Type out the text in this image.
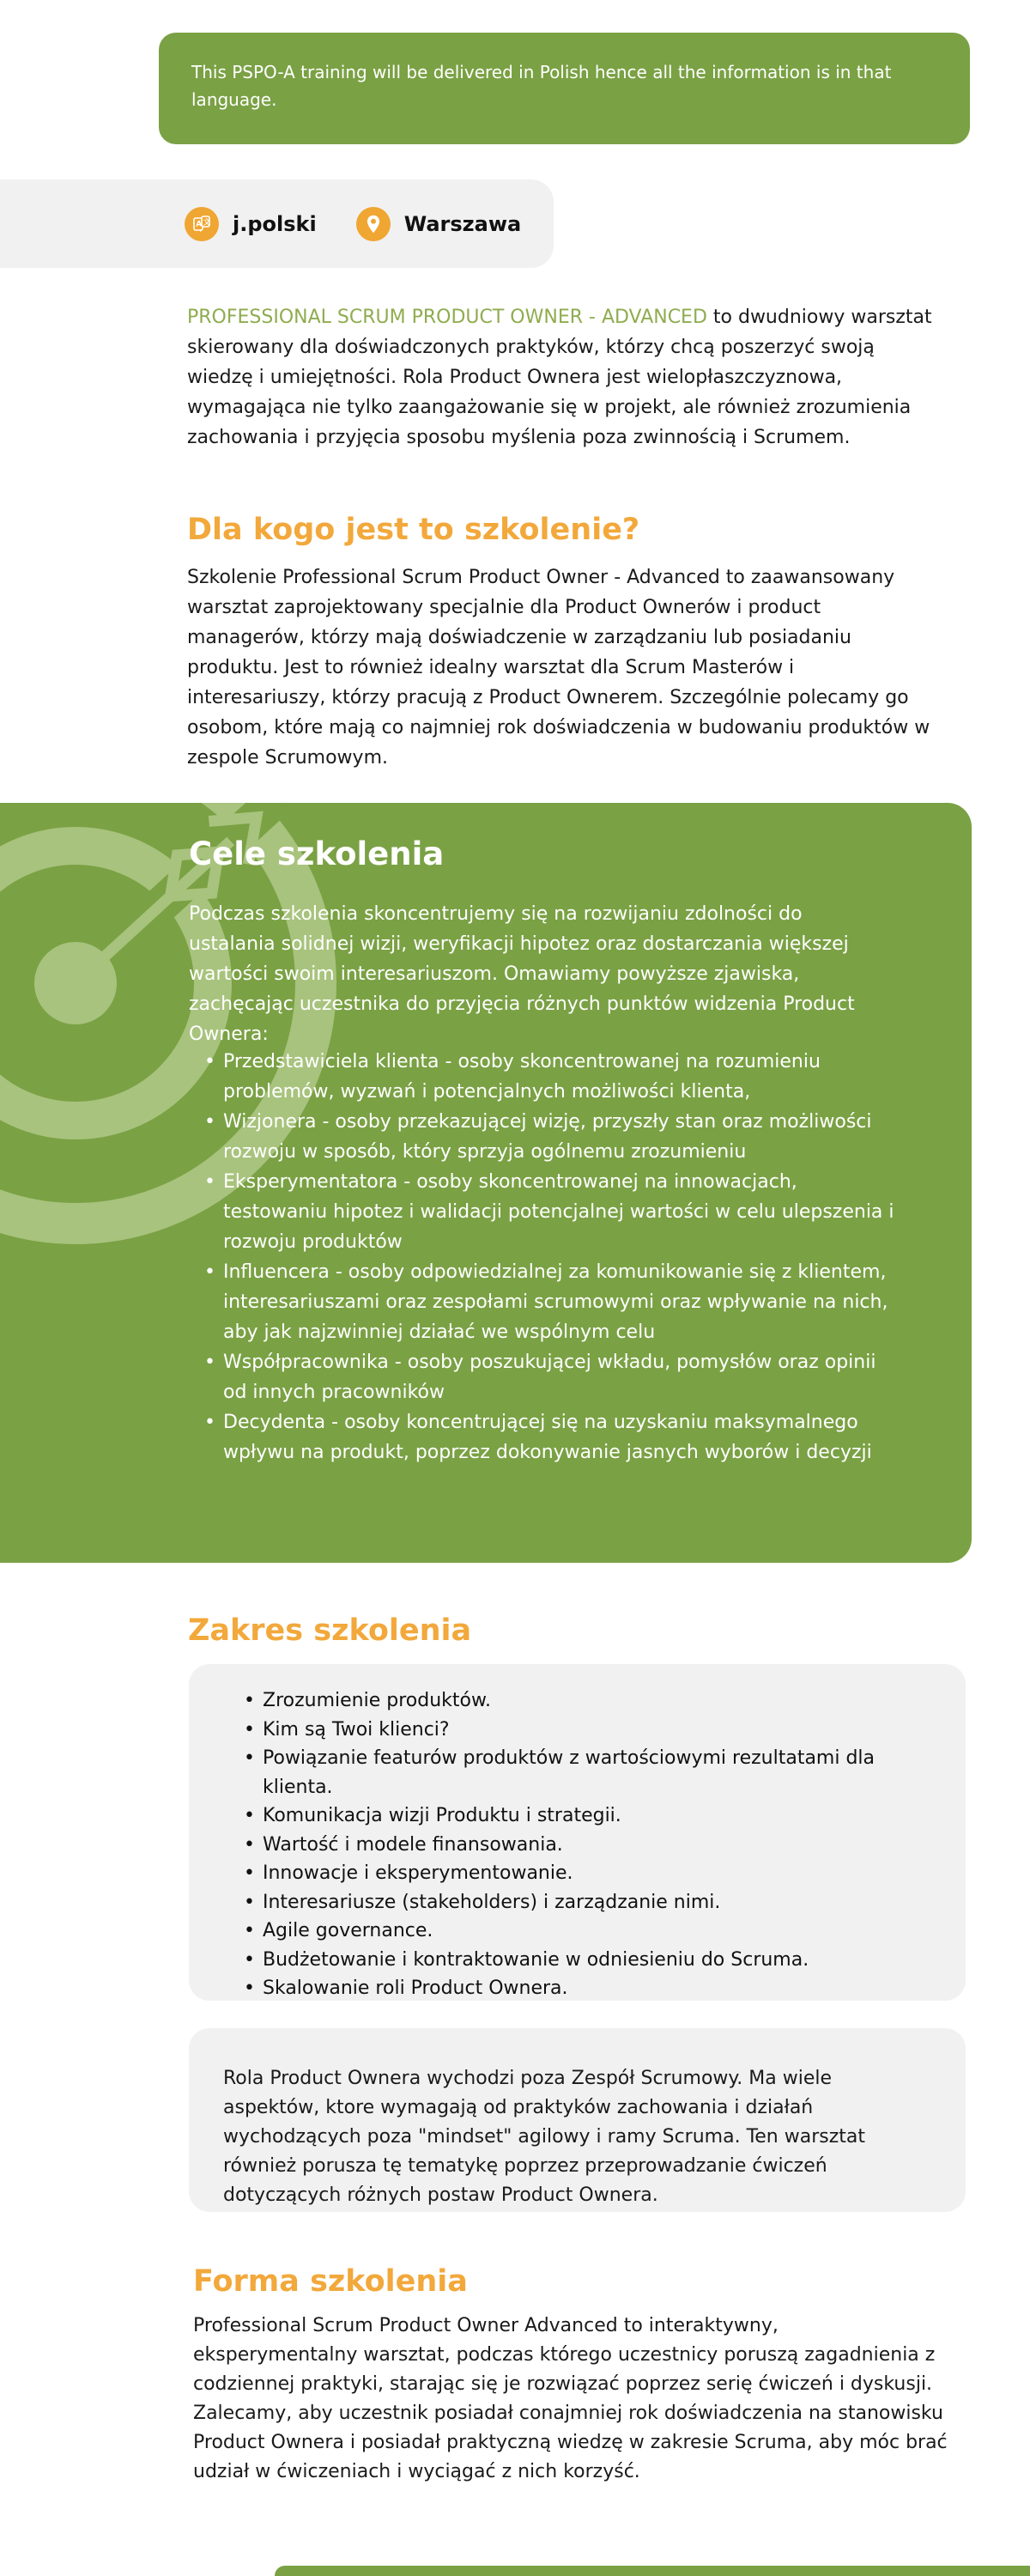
This PSPO-A training will be delivered in Polish hence all the information is in that language.

A 文 j.polski	Warszawa

PROFESSIONAL SCRUM PRODUCT OWNER - ADVANCED to dwudniowy warsztat skierowany dla doświadczonych praktyków, którzy chcą poszerzyć swoją wiedzę i umiejętności. Rola Product Ownera jest wielopłaszczyznowa, wymagająca nie tylko zaangażowanie się w projekt, ale również zrozumienia zachowania i przyjęcia sposobu myślenia poza zwinnością i Scrumem.

Dla kogo jest to szkolenie?

Szkolenie Professional Scrum Product Owner - Advanced to zaawansowany warsztat zaprojektowany specjalnie dla Product Ownerów i product managerów, którzy mają doświadczenie w zarządzaniu lub posiadaniu produktu. Jest to również idealny warsztat dla Scrum Masterów i interesariuszy, którzy pracują z Product Ownerem. Szczególnie polecamy go osobom, które mają co najmniej rok doświadczenia w budowaniu produktów w zespole Scrumowym.

Cele szkolenia

Podczas szkolenia skoncentrujemy się na rozwijaniu zdolności do ustalania solidnej wizji, weryfikacji hipotez oraz dostarczania większej wartości swoim interesariuszom. Omawiamy powyższe zjawiska, zachęcając uczestnika do przyjęcia różnych punktów widzenia Product Ownera:

• Przedstawiciela klienta - osoby skoncentrowanej na rozumieniu problemów, wyzwań i potencjalnych możliwości klienta,
• Wizjonera - osoby przekazującej wizję, przyszły stan oraz możliwości rozwoju w sposób, który sprzyja ogólnemu zrozumieniu
• Eksperymentatora - osoby skoncentrowanej na innowacjach, testowaniu hipotez i walidacji potencjalnej wartości w celu ulepszenia i rozwoju produktów
• Influencera - osoby odpowiedzialnej za komunikowanie się z klientem, interesariuszami oraz zespołami scrumowymi oraz wpływanie na nich, aby jak najzwinniej działać we wspólnym celu
• Współpracownika - osoby poszukującej wkładu, pomysłów oraz opinii od innych pracowników
• Decydenta - osoby koncentrującej się na uzyskaniu maksymalnego wpływu na produkt, poprzez dokonywanie jasnych wyborów i decyzji
Zakres szkolenia
• Zrozumienie produktów.
• Kim są Twoi klienci?
• Powiązanie featurów produktów z wartościowymi rezultatami dla klienta.
• Komunikacja wizji Produktu i strategii.
• Wartość i modele finansowania.
• Innowacje i eksperymentowanie.
• Interesariusze (stakeholders) i zarządzanie nimi.
• Agile governance.
• Budżetowanie i kontraktowanie w odniesieniu do Scruma.
• Skalowanie roli Product Ownera.

Rola Product Ownera wychodzi poza Zespół Scrumowy. Ma wiele aspektów, ktore wymagają od praktyków zachowania i działań wychodzących poza "mindset" agilowy i ramy Scruma. Ten warsztat również porusza tę tematykę poprzez przeprowadzanie ćwiczeń dotyczących różnych postaw Product Ownera.

Forma szkolenia

Professional Scrum Product Owner Advanced to interaktywny, eksperymentalny warsztat, podczas którego uczestnicy poruszą zagadnienia z codziennej praktyki, starając się je rozwiązać poprzez serię ćwiczeń i dyskusji. Zalecamy, aby uczestnik posiadał conajmniej rok doświadczenia na stanowisku Product Ownera i posiadał praktyczną wiedzę w zakresie Scruma, aby móc brać udział w ćwiczeniach i wyciągać z nich korzyść.
